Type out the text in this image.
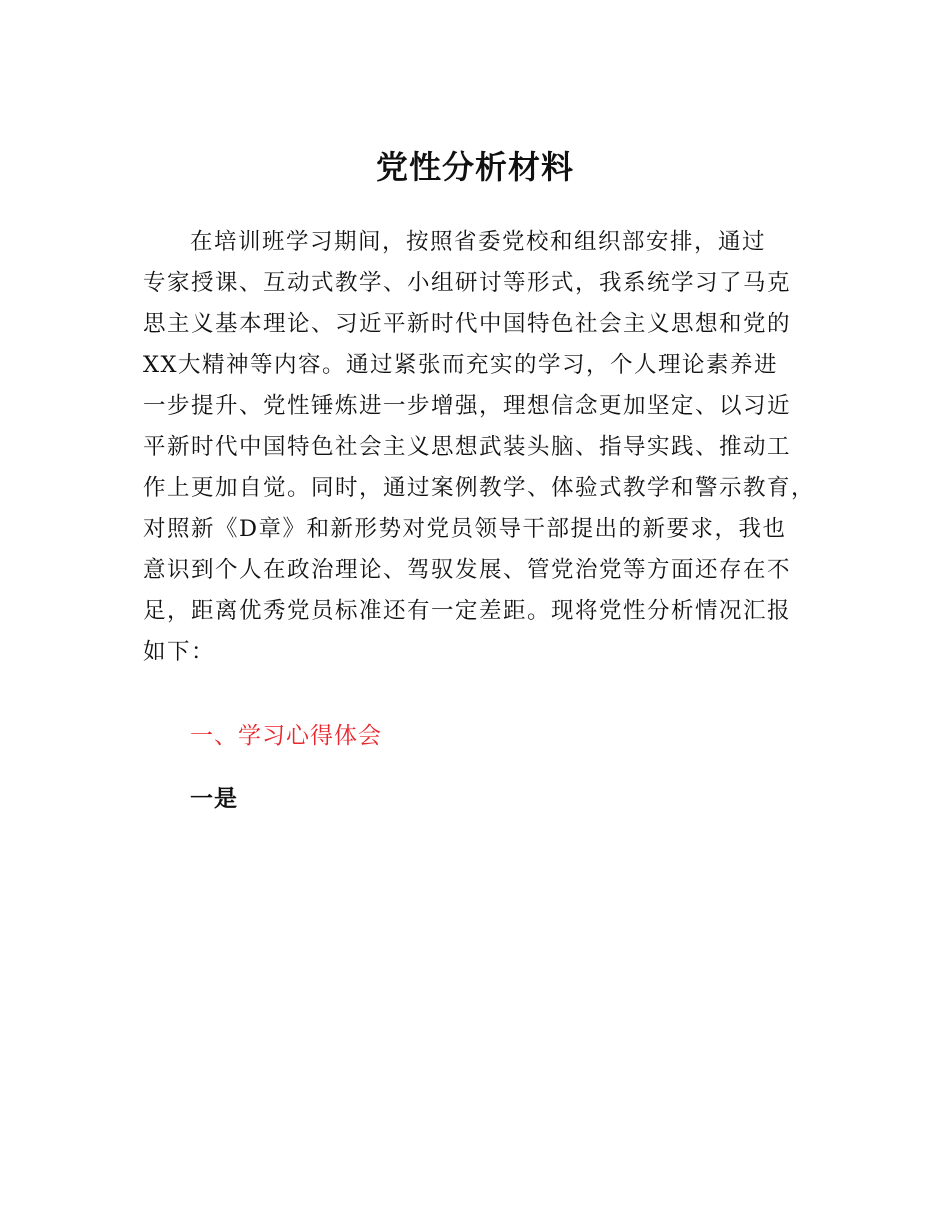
党性分析材料
在培训班学习期间，按照省委党校和组织部安排，通过
专家授课、互动式教学、小组研讨等形式，我系统学习了马克
思主义基本理论、习近平新时代中国特色社会主义思想和党的
XX大精神等内容。通过紧张而充实的学习，个人理论素养进
一步提升、党性锤炼进一步增强，理想信念更加坚定、以习近
平新时代中国特色社会主义思想武装头脑、指导实践、推动工
作上更加自觉。同时，通过案例教学、体验式教学和警示教育，
对照新《D章》和新形势对党员领导干部提出的新要求，我也
意识到个人在政治理论、驾驭发展、管党治党等方面还存在不
足，距离优秀党员标准还有一定差距。现将党性分析情况汇报
如下：
一、学习心得体会
一是
